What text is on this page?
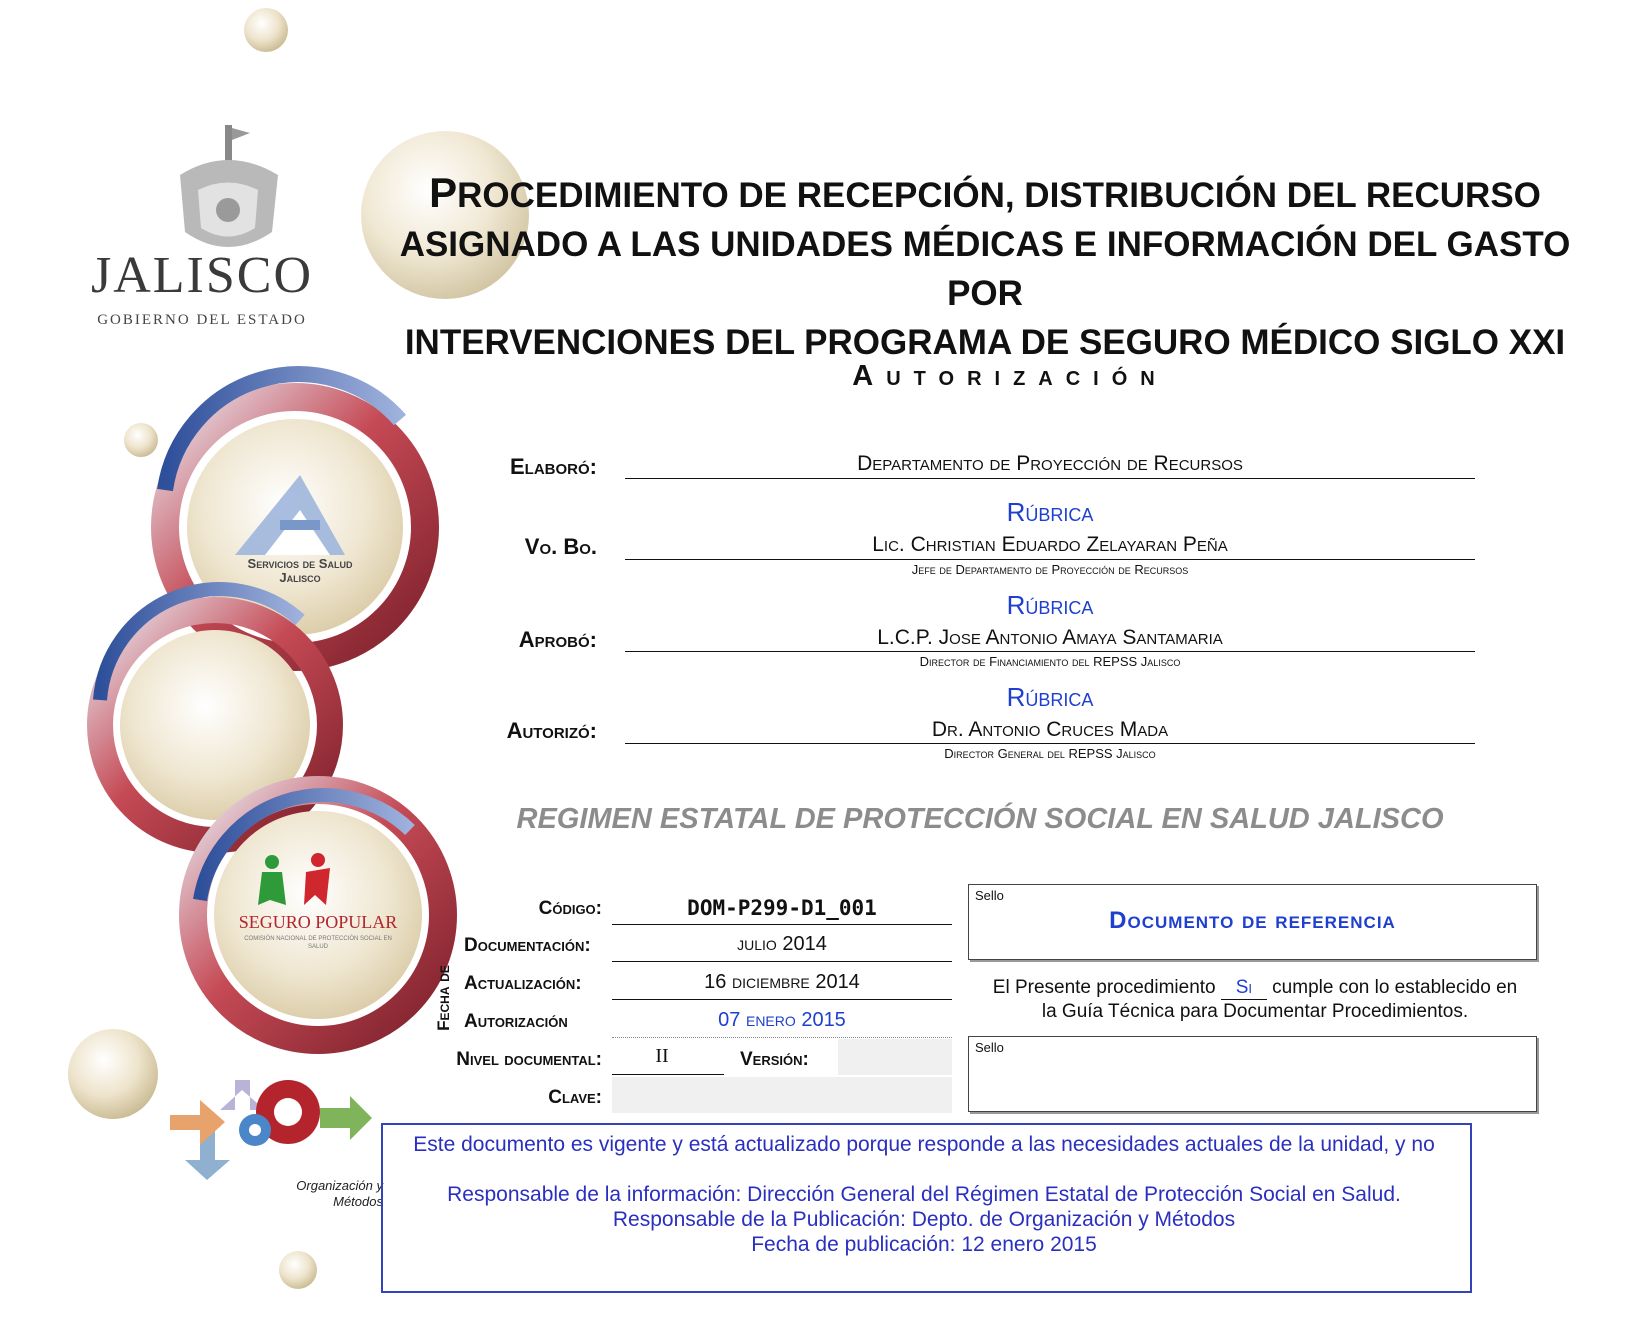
JALISCO
GOBIERNO DEL ESTADO
Servicios de Salud
Jalisco
SEGURO POPULAR
COMISIÓN NACIONAL DE PROTECCIÓN SOCIAL EN SALUD
Organización y
Métodos
PROCEDIMIENTO DE RECEPCIÓN, DISTRIBUCIÓN DEL RECURSO
ASIGNADO A LAS UNIDADES MÉDICAS E INFORMACIÓN DEL GASTO POR
INTERVENCIONES DEL PROGRAMA DE SEGURO MÉDICO SIGLO XXI
Autorización
Elaboró:	Departamento de Proyección de Recursos
Rúbrica
Vo. Bo.	Lic. Christian Eduardo Zelayaran Peña
Jefe de Departamento de Proyección de Recursos
Rúbrica
Aprobó:	L.C.P. Jose Antonio Amaya Santamaria
Director de Financiamiento del REPSS Jalisco
Rúbrica
Autorizó:	Dr. Antonio Cruces Mada
Director General del REPSS Jalisco
REGIMEN ESTATAL DE PROTECCIÓN SOCIAL EN SALUD JALISCO
Código:	DOM-P299-D1_001
Fecha de
Documentación:	julio 2014
Actualización:	16 diciembre 2014
Autorización	07 enero 2015
Nivel documental:	II	Versión:
Clave:
Sello
Documento de referencia
El Presente procedimiento Si cumple con lo establecido en
la Guía Técnica para Documentar Procedimientos.
Sello
Este documento es vigente y está actualizado porque responde a las necesidades actuales de la unidad, y no
Responsable de la información: Dirección General del Régimen Estatal de Protección Social en Salud.
Responsable de la Publicación: Depto. de Organización y Métodos
Fecha de publicación: 12 enero 2015
